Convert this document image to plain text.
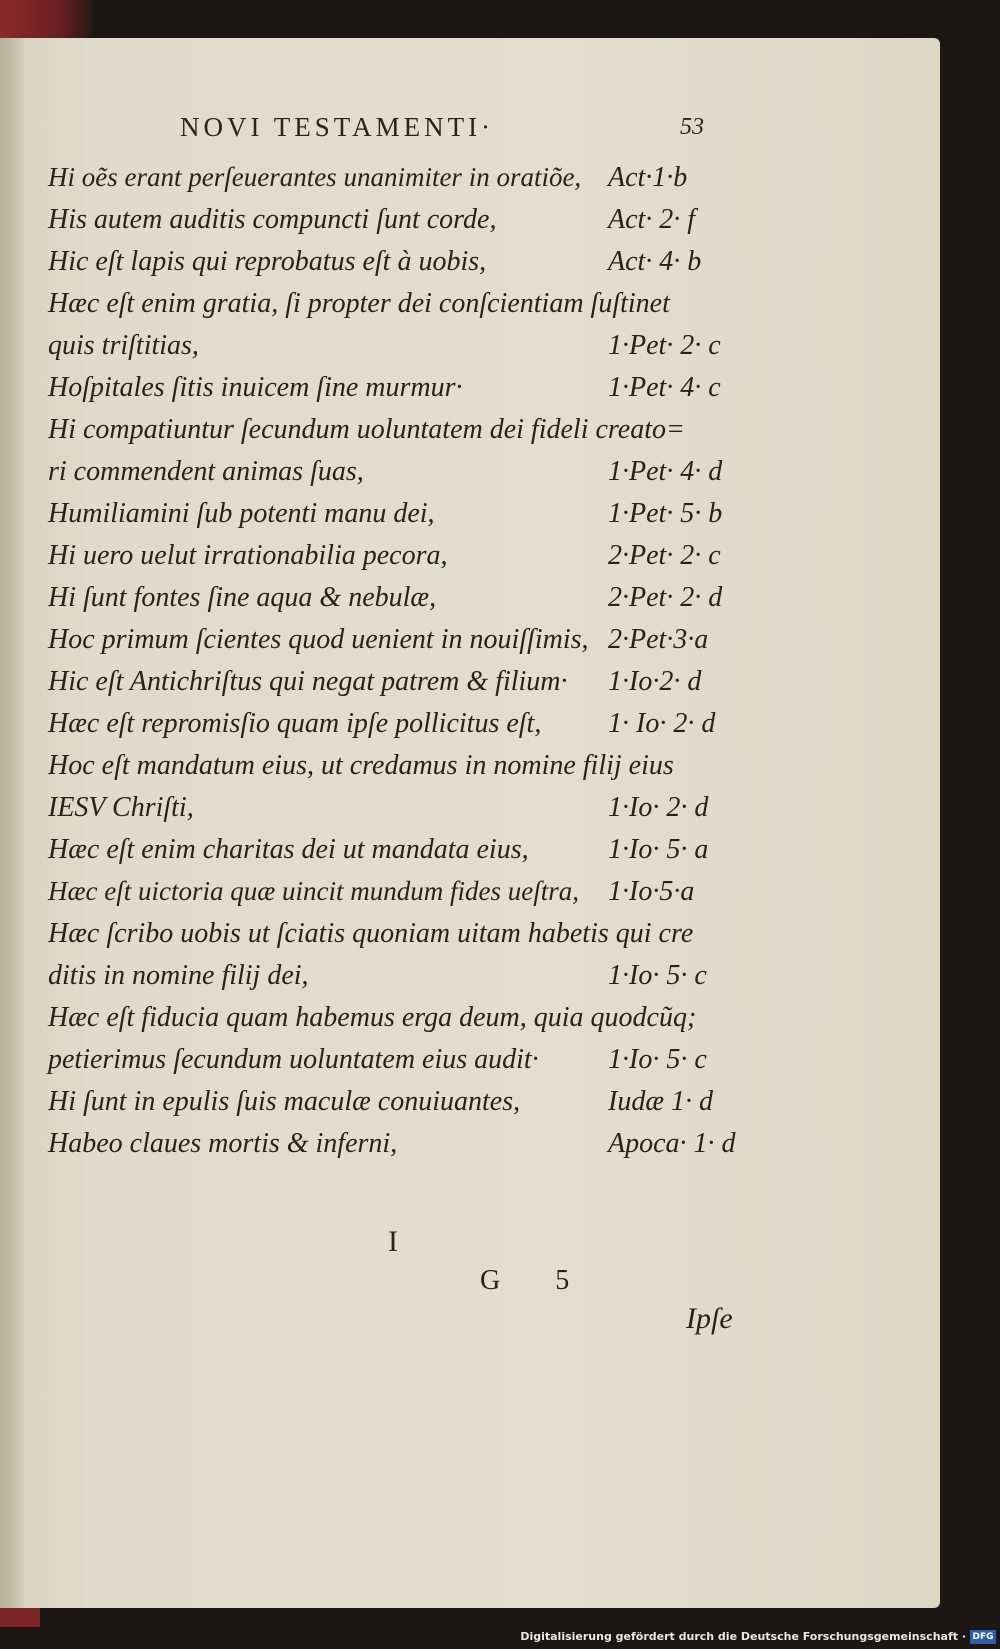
NOVI TESTAMENTI·	53
Hi oẽs erant perſeuerantes unanimiter in oratiõe, Act·1·b
His autem auditis compuncti ſunt corde,	Act· 2· f
Hic eſt lapis qui reprobatus eſt à uobis,	Act· 4· b
Hæc eſt enim gratia, ſi propter dei conſcientiam ſuſtinet
quis triſtitias,	1·Pet· 2· c
Hoſpitales ſitis inuicem ſine murmur·	1·Pet· 4· c
Hi compatiuntur ſecundum uoluntatem dei fideli creato=
ri commendent animas ſuas,	1·Pet· 4· d
Humiliamini ſub potenti manu dei,	1·Pet· 5· b
Hi uero uelut irrationabilia pecora,	2·Pet· 2· c
Hi ſunt fontes ſine aqua & nebulæ,	2·Pet· 2· d
Hoc primum ſcientes quod uenient in nouiſſimis, 2·Pet·3·a
Hic eſt Antichriſtus qui negat patrem & filium· 1·Io·2· d
Hæc eſt repromisſio quam ipſe pollicitus eſt, 1· Io· 2· d
Hoc eſt mandatum eius, ut credamus in nomine filij eius
IESV Chriſti,	1·Io· 2· d
Hæc eſt enim charitas dei ut mandata eius,	1·Io· 5· a
Hæc eſt uictoria quæ uincit mundum fides ueſtra, 1·Io·5·a
Hæc ſcribo uobis ut ſciatis quoniam uitam habetis qui cre
ditis in nomine filij dei,	1·Io· 5· c
Hæc eſt fiducia quam habemus erga deum, quia quodcũq;
petierimus ſecundum uoluntatem eius audit· 1·Io· 5· c
Hi ſunt in epulis ſuis maculæ conuiuantes,	Iudæ 1· d
Habeo claues mortis & inferni,	Apoca· 1· d
I
G 5
Ipſe
Digitalisierung gefördert durch die Deutsche Forschungsgemeinschaft · DFG
